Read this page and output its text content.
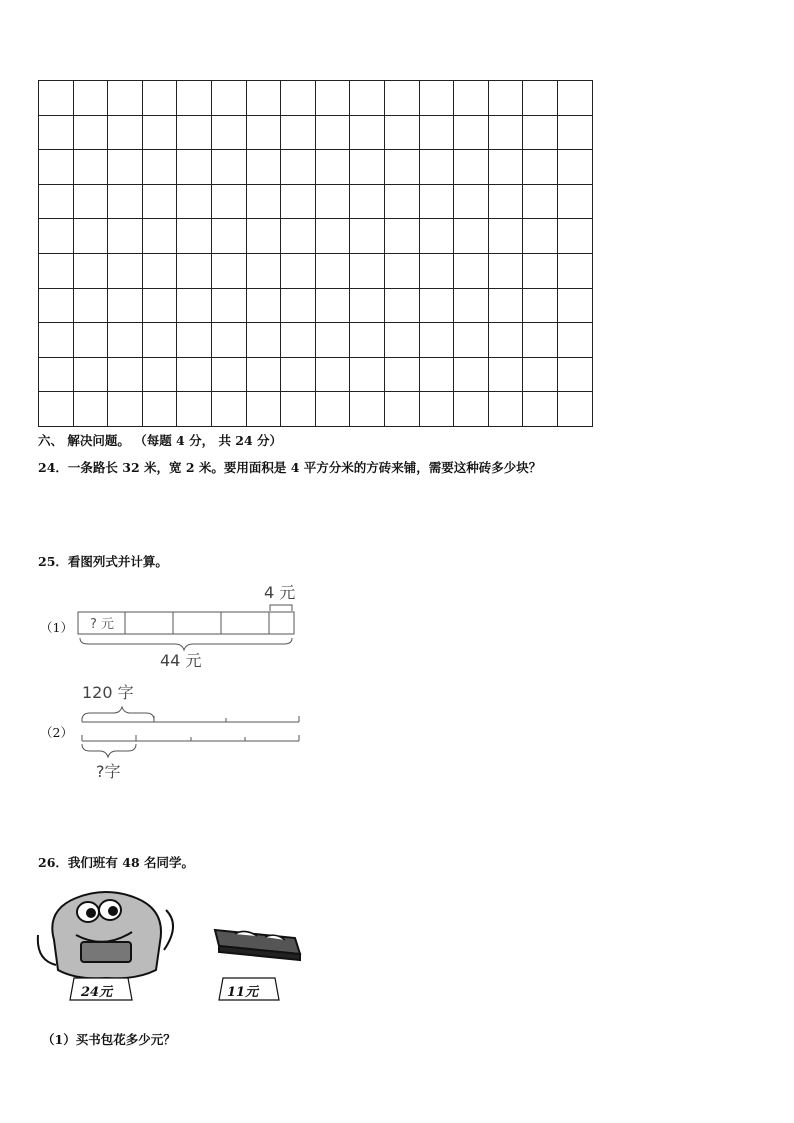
六、 解决问题。 （每题 4 分， 共 24 分）
24．一条路长 32 米，宽 2 米。要用面积是 4 平方分米的方砖来铺，需要这种砖多少块？
25．看图列式并计算。
（1） ? 元
4 元
44 元
（2）
120 字
?字
26．我们班有 48 名同学。
24元	11元
（1）买书包花多少元？
